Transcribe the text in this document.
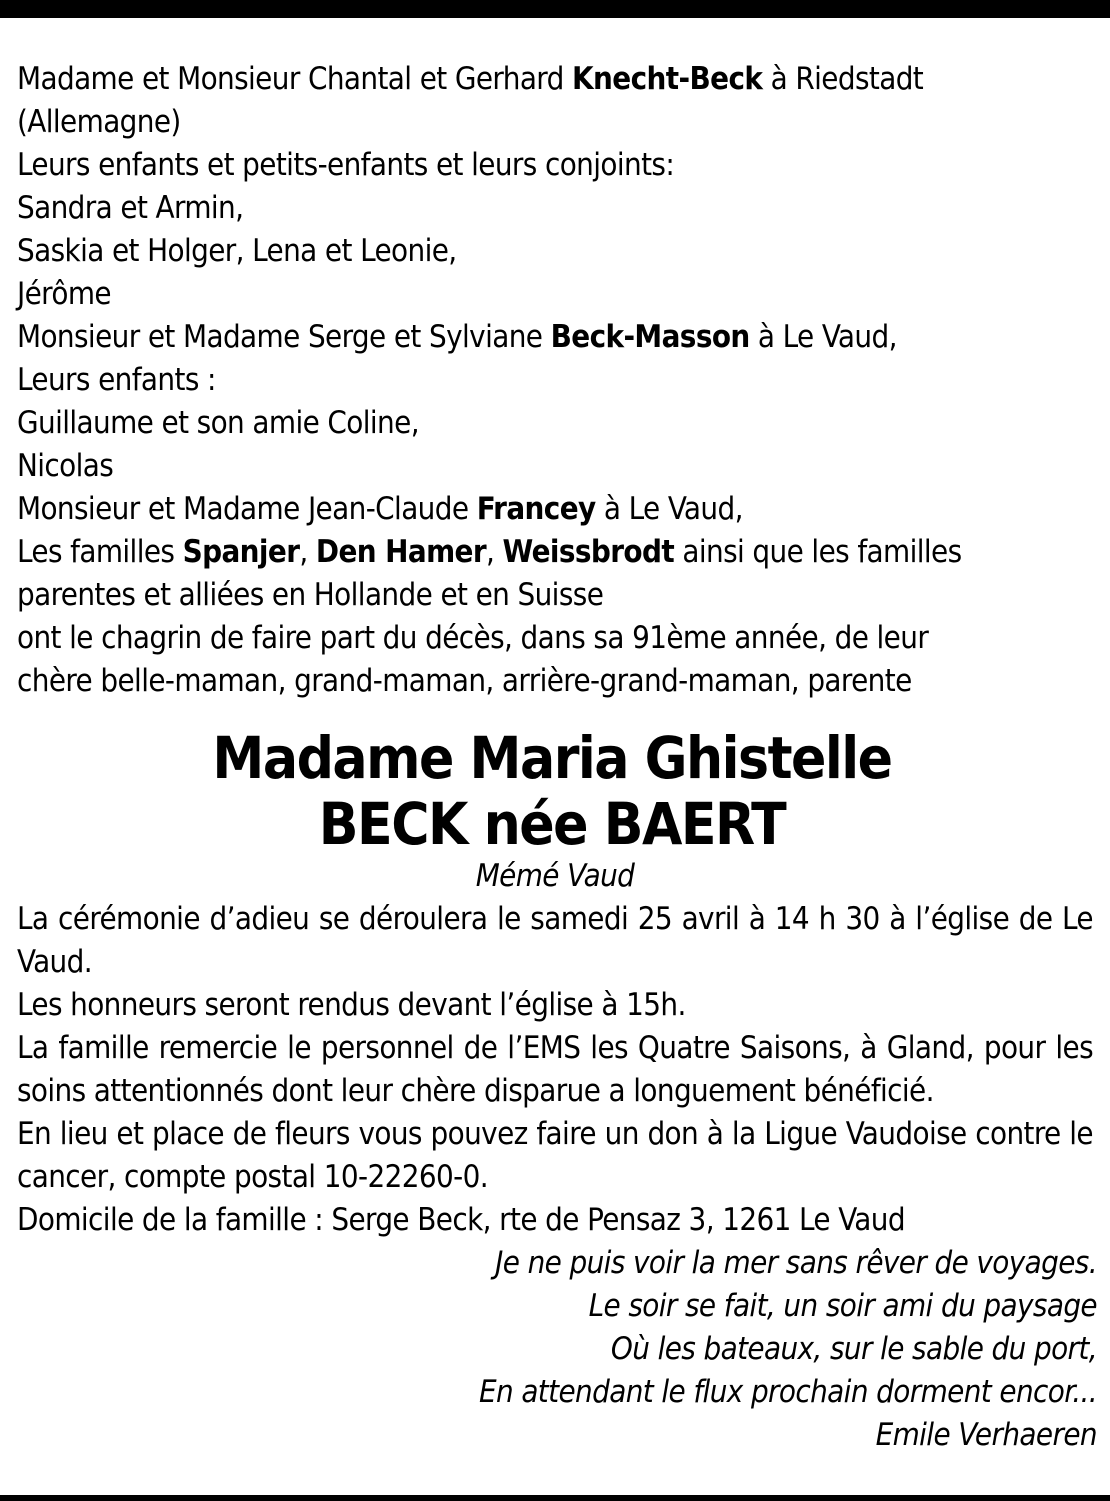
Madame et Monsieur Chantal et Gerhard Knecht-Beck à Riedstadt
(Allemagne)
Leurs enfants et petits-enfants et leurs conjoints:
Sandra et Armin,
Saskia et Holger, Lena et Leonie,
Jérôme
Monsieur et Madame Serge et Sylviane Beck-Masson à Le Vaud,
Leurs enfants :
Guillaume et son amie Coline,
Nicolas
Monsieur et Madame Jean-Claude Francey à Le Vaud,
Les familles Spanjer, Den Hamer, Weissbrodt ainsi que les familles
parentes et alliées en Hollande et en Suisse
ont le chagrin de faire part du décès, dans sa 91ème année, de leur
chère belle-maman, grand-maman, arrière-grand-maman, parente
Madame Maria Ghistelle
BECK née BAERT
Mémé Vaud
La cérémonie d’adieu se déroulera le samedi 25 avril à 14 h 30 à l’église de Le Vaud.
Les honneurs seront rendus devant l’église à 15h.
La famille remercie le personnel de l’EMS les Quatre Saisons, à Gland, pour les soins attentionnés dont leur chère disparue a longuement bénéficié.
En lieu et place de fleurs vous pouvez faire un don à la Ligue Vaudoise contre le cancer, compte postal 10-22260-0.
Domicile de la famille : Serge Beck, rte de Pensaz 3, 1261 Le Vaud
Je ne puis voir la mer sans rêver de voyages.
Le soir se fait, un soir ami du paysage
Où les bateaux, sur le sable du port,
En attendant le flux prochain dorment encor...
Emile Verhaeren
